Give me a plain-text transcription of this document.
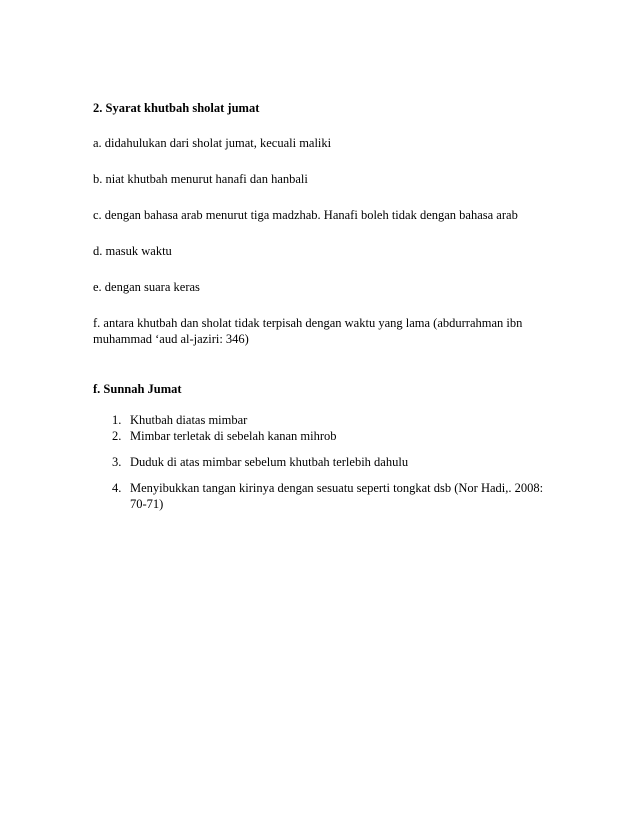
2. Syarat khutbah sholat jumat

a. didahulukan dari sholat jumat, kecuali maliki

b. niat khutbah menurut hanafi dan hanbali

c. dengan bahasa arab menurut tiga madzhab. Hanafi boleh tidak dengan bahasa arab

d. masuk waktu

e. dengan suara keras

f. antara khutbah dan sholat tidak terpisah dengan waktu yang lama (abdurrahman ibn muhammad ‘aud al-jaziri: 346)

f. Sunnah Jumat

1. Khutbah diatas mimbar
2. Mimbar terletak di sebelah kanan mihrob
3. Duduk di atas mimbar sebelum khutbah terlebih dahulu
4. Menyibukkan tangan kirinya dengan sesuatu seperti tongkat dsb (Nor Hadi,. 2008: 70-71)
